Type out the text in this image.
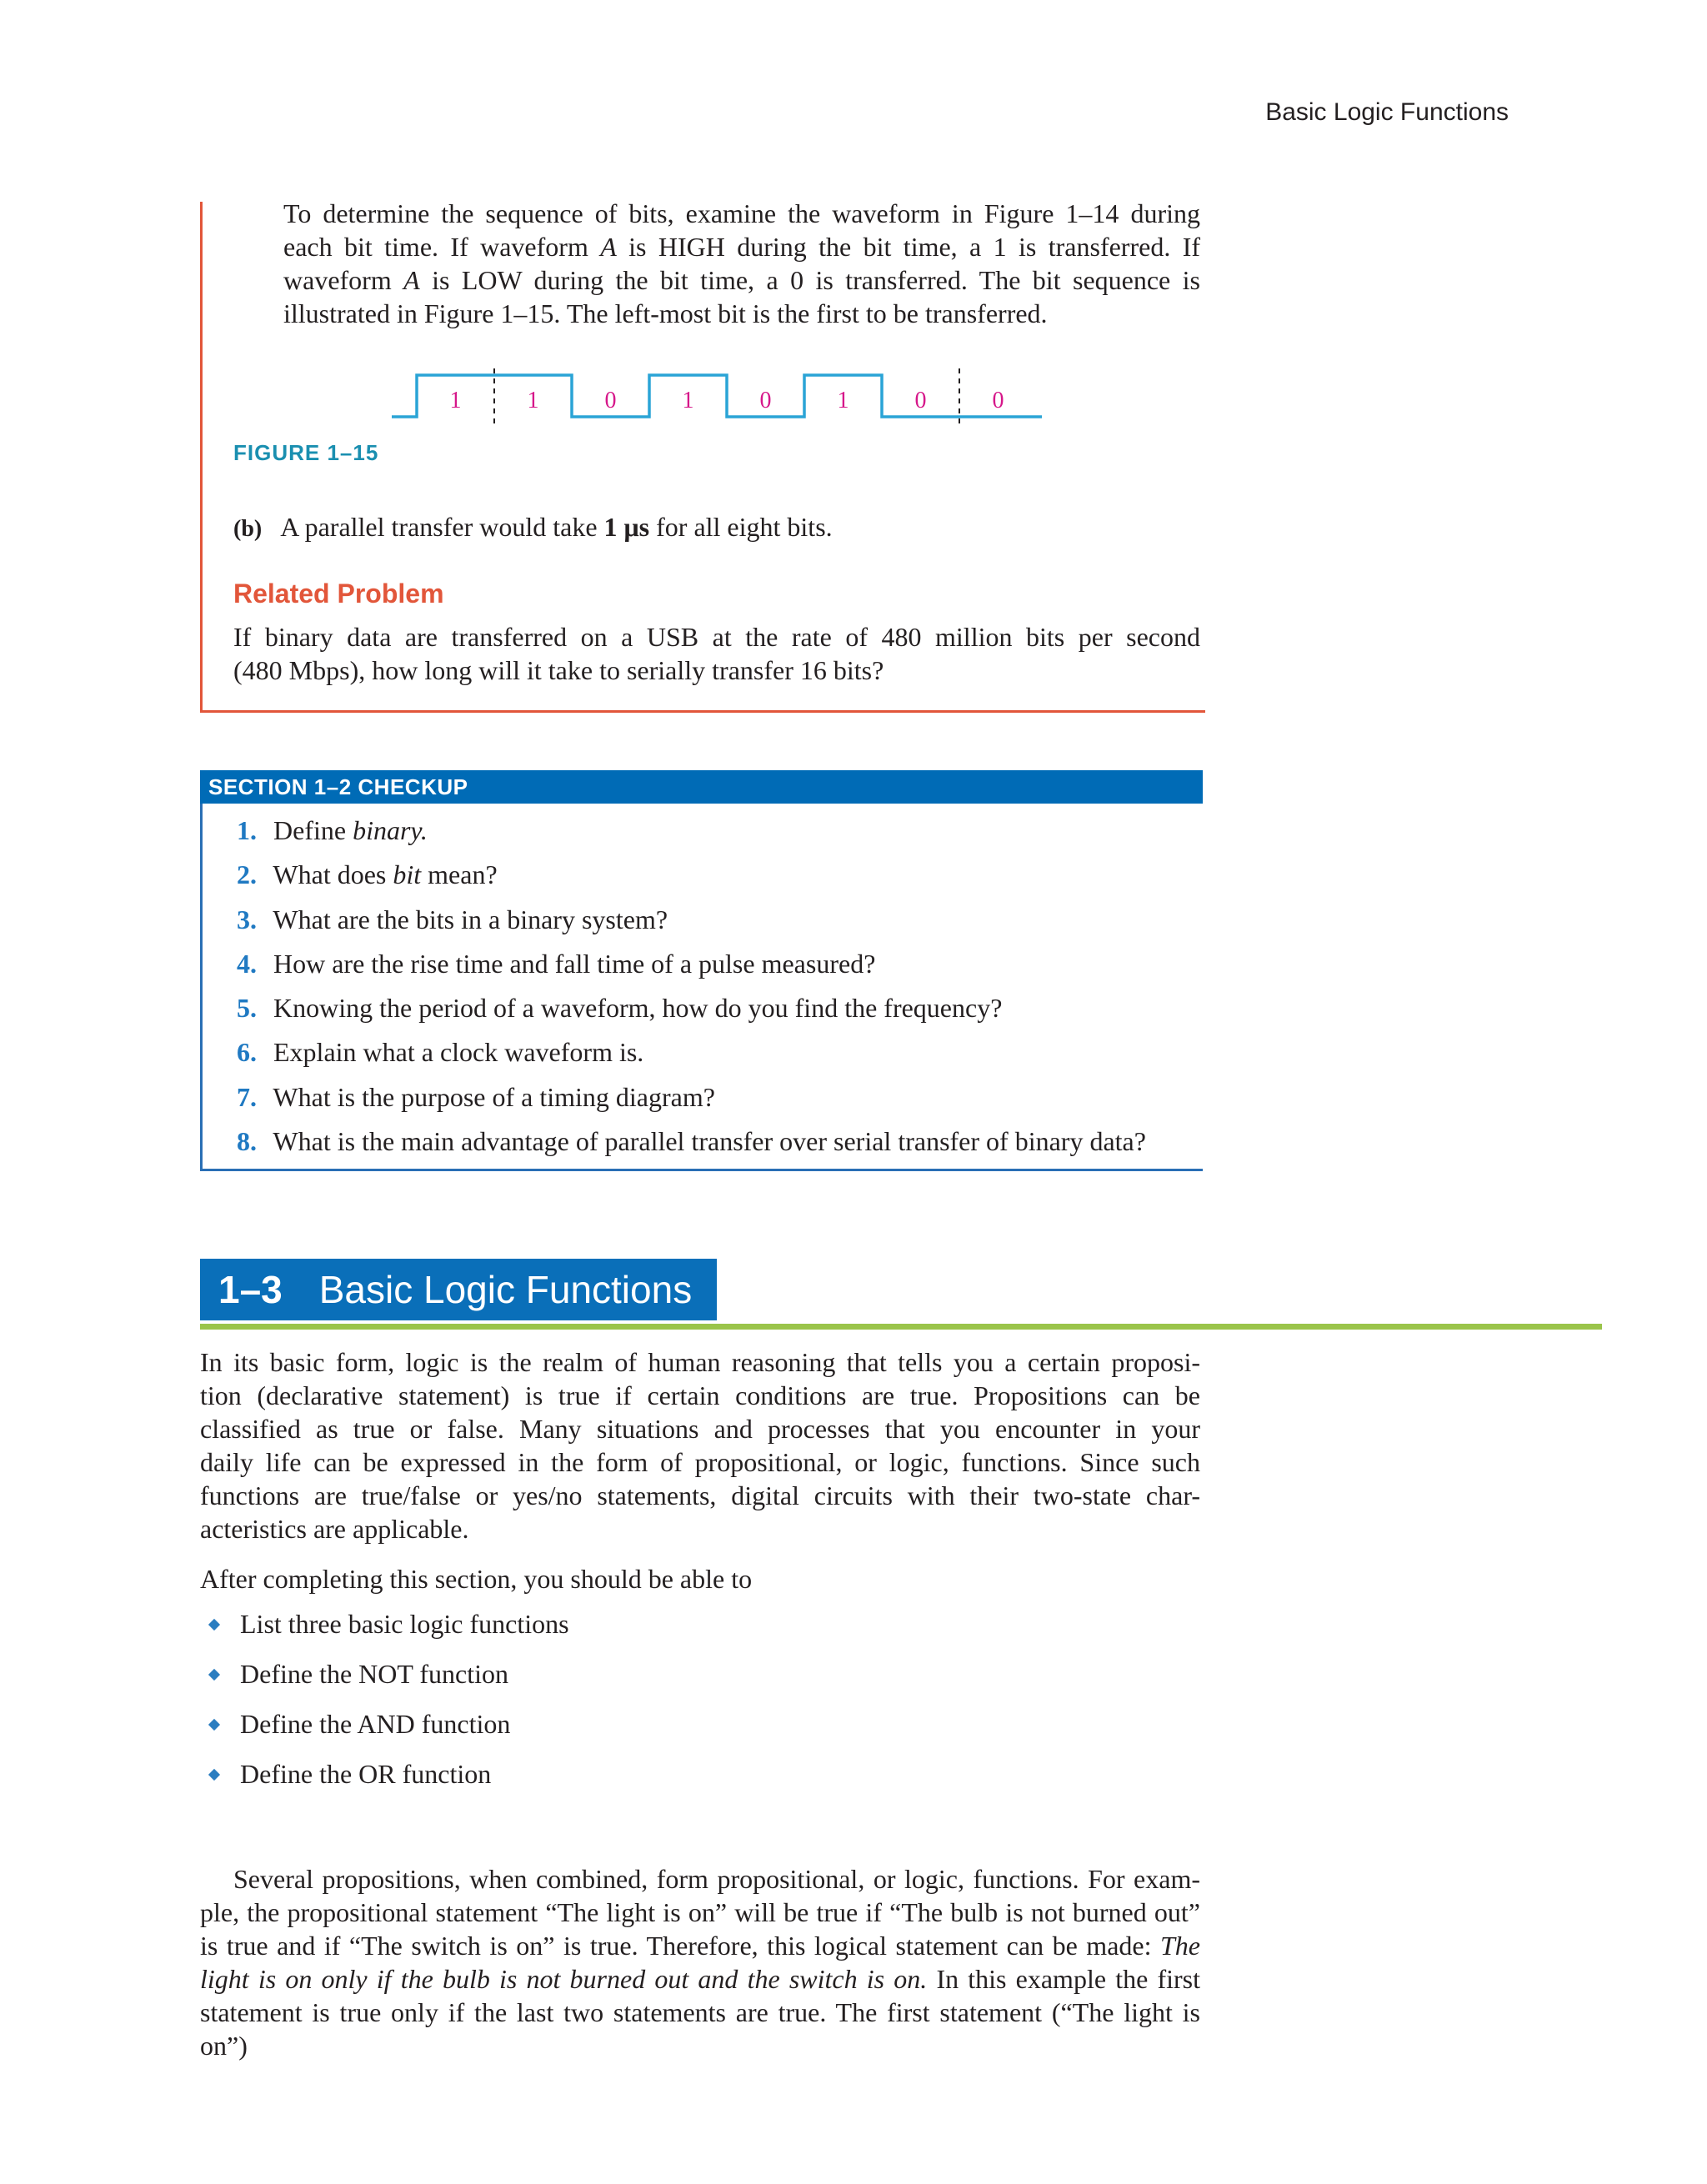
Basic Logic Functions
To determine the sequence of bits, examine the waveform in Figure 1–14 during
each bit time. If waveform A is HIGH during the bit time, a 1 is transferred. If
waveform A is LOW during the bit time, a 0 is transferred. The bit sequence is
illustrated in Figure 1–15. The left-most bit is the first to be transferred.
1	1	0	1	0	1	0	0
FIGURE 1–15
(b) A parallel transfer would take 1 μs for all eight bits.
Related Problem
If binary data are transferred on a USB at the rate of 480 million bits per second
(480 Mbps), how long will it take to serially transfer 16 bits?
SECTION 1–2 CHECKUP
1. Define binary.
2. What does bit mean?
3. What are the bits in a binary system?
4. How are the rise time and fall time of a pulse measured?
5. Knowing the period of a waveform, how do you find the frequency?
6. Explain what a clock waveform is.
7. What is the purpose of a timing diagram?
8. What is the main advantage of parallel transfer over serial transfer of binary data?
1–3 Basic Logic Functions
In its basic form, logic is the realm of human reasoning that tells you a certain proposi-
tion (declarative statement) is true if certain conditions are true. Propositions can be
classified as true or false. Many situations and processes that you encounter in your
daily life can be expressed in the form of propositional, or logic, functions. Since such
functions are true/false or yes/no statements, digital circuits with their two-state char-
acteristics are applicable.
After completing this section, you should be able to
List three basic logic functions
Define the NOT function
Define the AND function
Define the OR function
Several propositions, when combined, form propositional, or logic, functions. For exam-
ple, the propositional statement “The light is on” will be true if “The bulb is not burned out”
is true and if “The switch is on” is true. Therefore, this logical statement can be made: The
light is on only if the bulb is not burned out and the switch is on. In this example the first
statement is true only if the last two statements are true. The first statement (“The light is on”)
